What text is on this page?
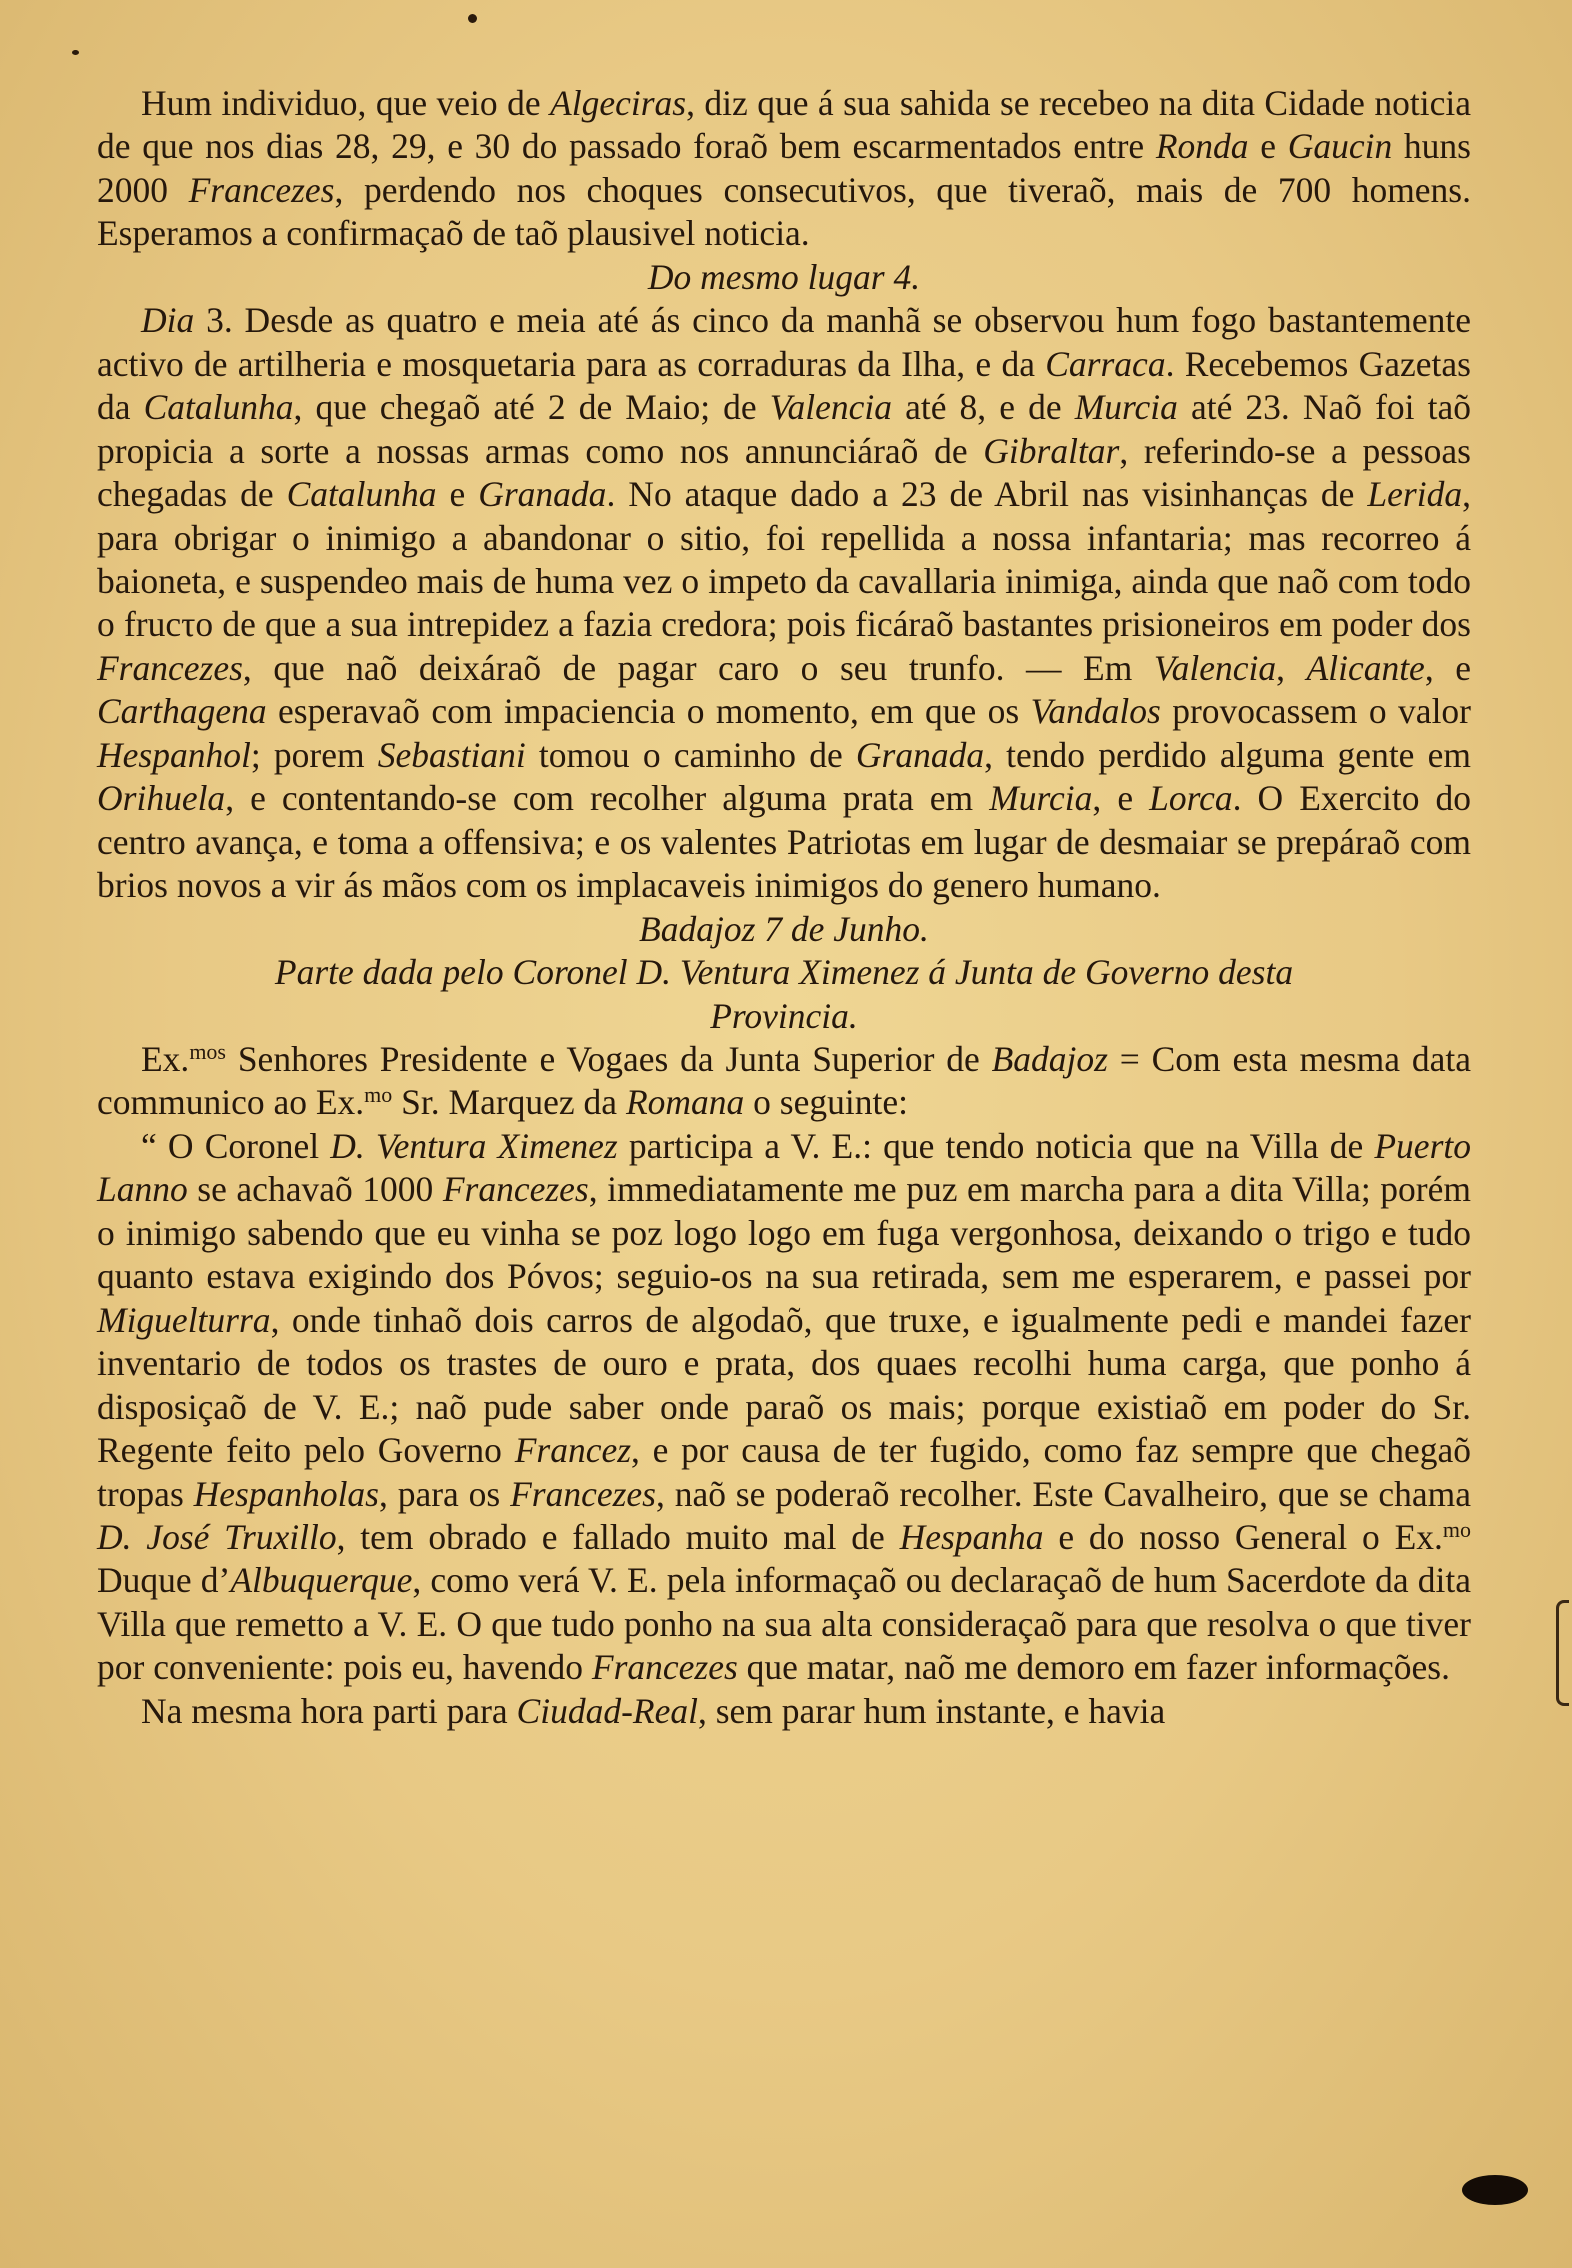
Hum individuo, que veio de Algeciras, diz que á sua sahida se recebeo na dita Cidade noticia de que nos dias 28, 29, e 30 do passado foraõ bem escarmentados entre Ronda e Gaucin huns 2000 Francezes, perdendo nos choques consecutivos, que tiveraõ, mais de 700 homens. Esperamos a confirmaçaõ de taõ plausivel noticia.

Do mesmo lugar 4.

Dia 3. Desde as quatro e meia até ás cinco da manhã se observou hum fogo bastantemente activo de artilheria e mosquetaria para as corraduras da Ilha, e da Carraca. Recebemos Gazetas da Catalunha, que chegaõ até 2 de Maio; de Valencia até 8, e de Murcia até 23. Naõ foi taõ propicia a sorte a nossas armas como nos annunciáraõ de Gibraltar, referindo-se a pessoas chegadas de Catalunha e Granada. No ataque dado a 23 de Abril nas visinhanças de Lerida, para obrigar o inimigo a abandonar o sitio, foi repellida a nossa infantaria; mas recorreo á baioneta, e suspendeo mais de huma vez o impeto da cavallaria inimiga, ainda que naõ com todo o frucτo de que a sua intrepidez a fazia credora; pois ficáraõ bastantes prisioneiros em poder dos Francezes, que naõ deixáraõ de pagar caro o seu trunfo. — Em Valencia, Alicante, e Carthagena esperavaõ com impaciencia o momento, em que os Vandalos provocassem o valor Hespanhol; porem Sebastiani tomou o caminho de Granada, tendo perdido alguma gente em Orihuela, e contentando-se com recolher alguma prata em Murcia, e Lorca. O Exercito do centro avança, e toma a offensiva; e os valentes Patriotas em lugar de desmaiar se prepáraõ com brios novos a vir ás mãos com os implacaveis inimigos do genero humano.

Badajoz 7 de Junho.

Parte dada pelo Coronel D. Ventura Ximenez á Junta de Governo desta

Provincia.

Ex.$^{mos}$ Senhores Presidente e Vogaes da Junta Superior de Badajoz = Com esta mesma data communico ao Ex.$^{mo}$ Sr. Marquez da Romana o seguinte:

“ O Coronel D. Ventura Ximenez participa a V. E.: que tendo noticia que na Villa de Puerto Lanno se achavaõ 1000 Francezes, immediatamente me puz em marcha para a dita Villa; porém o inimigo sabendo que eu vinha se poz logo logo em fuga vergonhosa, deixando o trigo e tudo quanto estava exigindo dos Póvos; seguio-os na sua retirada, sem me esperarem, e passei por Miguelturra, onde tinhaõ dois carros de algodaõ, que truxe, e igualmente pedi e mandei fazer inventario de todos os trastes de ouro e prata, dos quaes recolhi huma carga, que ponho á disposiçaõ de V. E.; naõ pude saber onde paraõ os mais; porque existiaõ em poder do Sr. Regente feito pelo Governo Francez, e por causa de ter fugido, como faz sempre que chegaõ tropas Hespanholas, para os Francezes, naõ se poderaõ recolher. Este Cavalheiro, que se chama D. José Truxillo, tem obrado e fallado muito mal de Hespanha e do nosso General o Ex.$^{mo}$ Duque d’Albuquerque, como verá V. E. pela informaçaõ ou declaraçaõ de hum Sacerdote da dita Villa que remetto a V. E. O que tudo ponho na sua alta consideraçaõ para que resolva o que tiver por conveniente: pois eu, havendo Francezes que matar, naõ me demoro em fazer informações.

Na mesma hora parti para Ciudad-Real, sem parar hum instante, e havia
